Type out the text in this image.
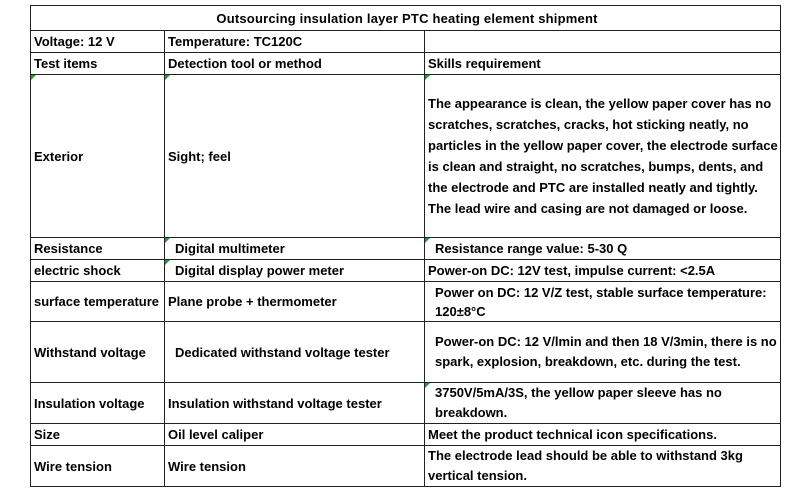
Outsourcing insulation layer PTC heating element shipment		
Voltage: 12 V	Temperature: TC120C	
Test items	Detection tool or method	Skills requirement

Exterior	Sight; feel	The appearance is clean, the yellow paper cover has no scratches, scratches, cracks, hot sticking neatly, no particles in the yellow paper cover, the electrode surface is clean and straight, no scratches, bumps, dents, and the electrode and PTC are installed neatly and tightly. The lead wire and casing are not damaged or loose.
Resistance	Digital multimeter	Resistance range value: 5-30 Q
electric shock	Digital display power meter	Power-on DC: 12V test, impulse current: <2.5A
surface temperature	Plane probe + thermometer	Power on DC: 12 V/Z test, stable surface temperature: 120±8°C
Withstand voltage	Dedicated withstand voltage tester	Power-on DC: 12 V/lmin and then 18 V/3min, there is no spark, explosion, breakdown, etc. during the test.
Insulation voltage	Insulation withstand voltage tester	3750V/5mA/3S, the yellow paper sleeve has no breakdown.
Size	Oil level caliper	Meet the product technical icon specifications.
Wire tension	Wire tension	The electrode lead should be able to withstand 3kg vertical tension.
